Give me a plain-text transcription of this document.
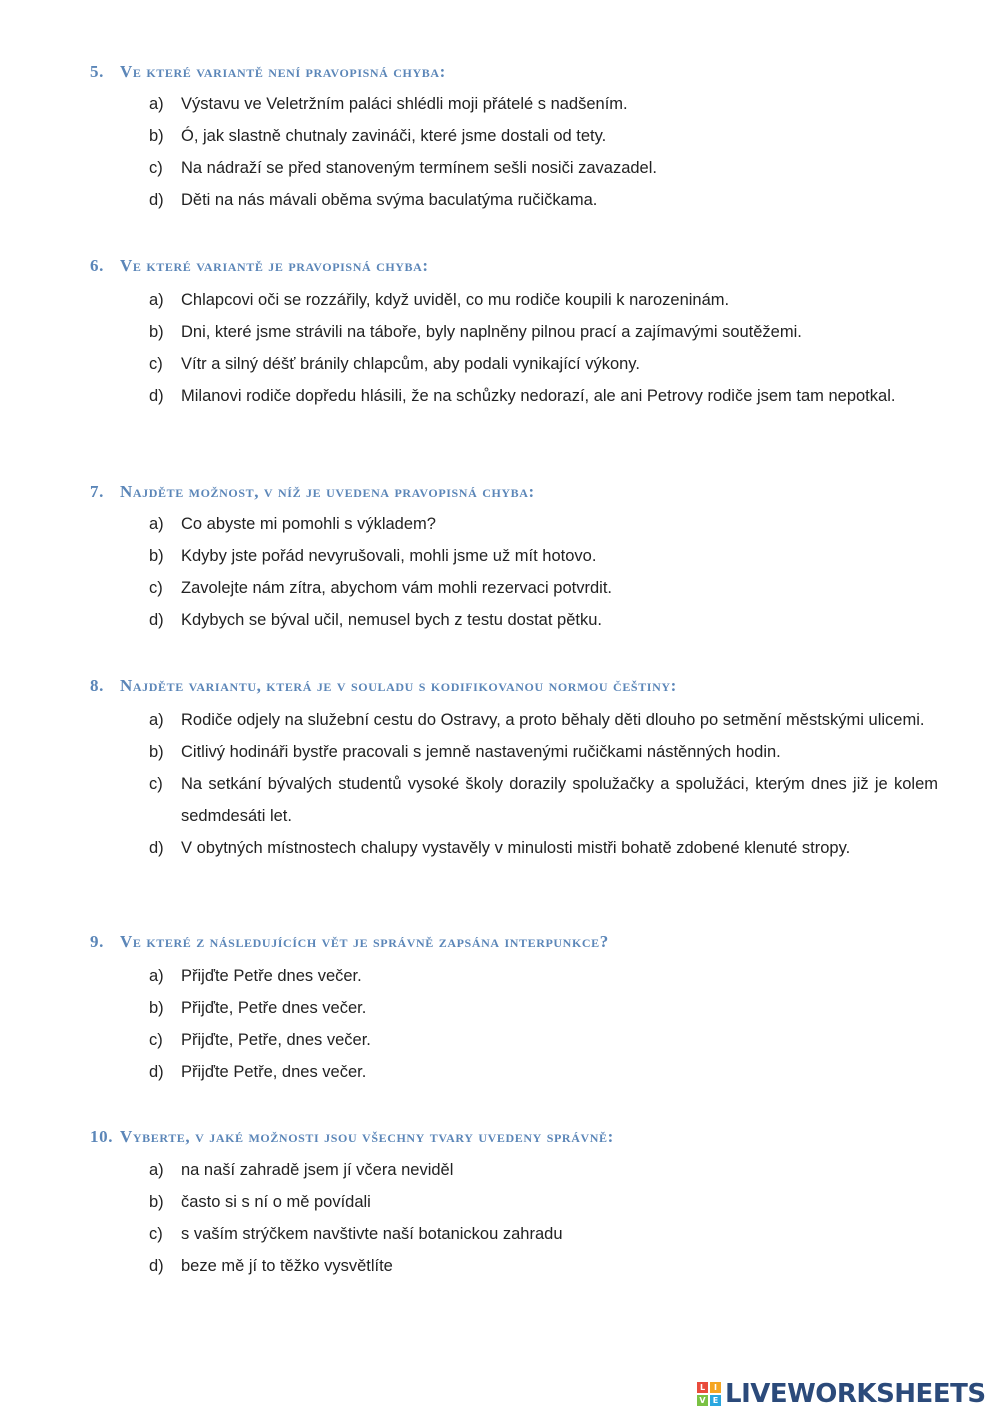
5. Ve které variantě není pravopisná chyba:
a) Výstavu ve Veletržním paláci shlédli moji přátelé s nadšením.
b) Ó, jak slastně chutnaly zavináči, které jsme dostali od tety.
c) Na nádraží se před stanoveným termínem sešli nosiči zavazadel.
d) Děti na nás mávali oběma svýma baculatýma ručičkama.
6. Ve které variantě je pravopisná chyba:
a) Chlapcovi oči se rozzářily, když uviděl, co mu rodiče koupili k narozeninám.
b) Dni, které jsme strávili na táboře, byly naplněny pilnou prací a zajímavými soutěžemi.
c) Vítr a silný déšť bránily chlapcům, aby podali vynikající výkony.
d) Milanovi rodiče dopředu hlásili, že na schůzky nedorazí, ale ani Petrovy rodiče jsem tam nepotkal.
7. Najděte možnost, v níž je uvedena pravopisná chyba:
a) Co abyste mi pomohli s výkladem?
b) Kdyby jste pořád nevyrušovali, mohli jsme už mít hotovo.
c) Zavolejte nám zítra, abychom vám mohli rezervaci potvrdit.
d) Kdybych se býval učil, nemusel bych z testu dostat pětku.
8. Najděte variantu, která je v souladu s kodifikovanou normou češtiny:
a) Rodiče odjely na služební cestu do Ostravy, a proto běhaly děti dlouho po setmění městskými ulicemi.
b) Citlivý hodináři bystře pracovali s jemně nastavenými ručičkami nástěnných hodin.
c) Na setkání bývalých studentů vysoké školy dorazily spolužačky a spolužáci, kterým dnes již je kolem sedmdesáti let.
d) V obytných místnostech chalupy vystavěly v minulosti mistři bohatě zdobené klenuté stropy.
9. Ve které z následujících vět je správně zapsána interpunkce?
a) Přijďte Petře dnes večer.
b) Přijďte, Petře dnes večer.
c) Přijďte, Petře, dnes večer.
d) Přijďte Petře, dnes večer.
10. Vyberte, v jaké možnosti jsou všechny tvary uvedeny správně:
a) na naší zahradě jsem jí včera neviděl
b) často si s ní o mě povídali
c) s vaším strýčkem navštivte naší botanickou zahradu
d) beze mě jí to těžko vysvětlíte
L	I
V E LIVEWORKSHEETS
